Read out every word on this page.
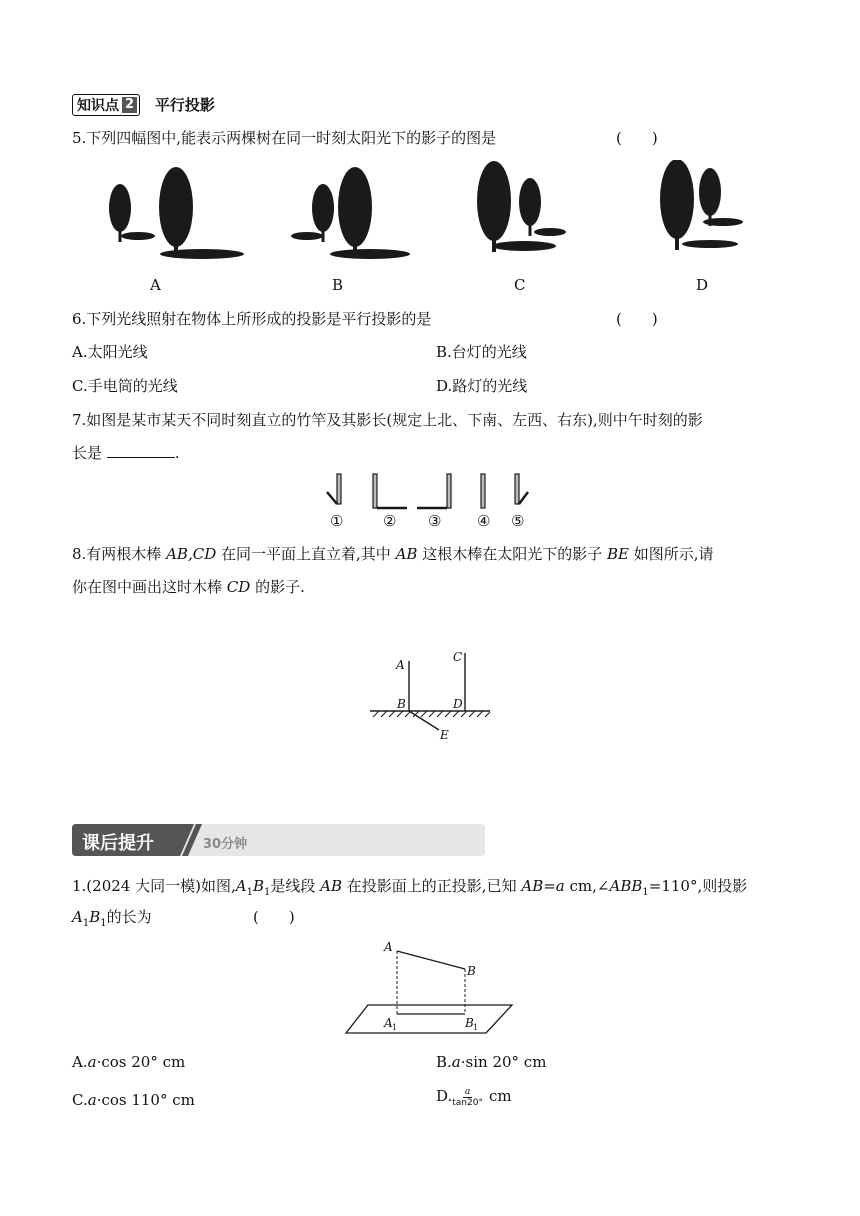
知识点 2 平行投影
5.下列四幅图中,能表示两棵树在同一时刻太阳光下的影子的图是	(　　)
A	B	C	D
6.下列光线照射在物体上所形成的投影是平行投影的是	(　　)
A.太阳光线	B.台灯的光线
C.手电筒的光线	D.路灯的光线
7.如图是某市某天不同时刻直立的竹竿及其影长(规定上北、下南、左西、右东),则中午时刻的影
长是	.
①	② ③ ④ ⑤
8.有两根木棒 AB,CD 在同一平面上直立着,其中 AB 这根木棒在太阳光下的影子 BE 如图所示,请
你在图中画出这时木棒 CD 的影子.
A
B
C
D
E
课后提升	30分钟
1.(2024 大同一模)如图$,A_1B_1$是线段 AB 在投影面上的正投影,已知 AB=a $cm,\angle ABB_1=110^\circ$,则投影
$A_1B_1$的长为	(　　)
A
B
A 1	B 1
A.a·cos 20° cm	B.a·sin 20° cm
C.a·cos 110° cm	D. $\frac{a}{\tan 20^\circ}$ cm
